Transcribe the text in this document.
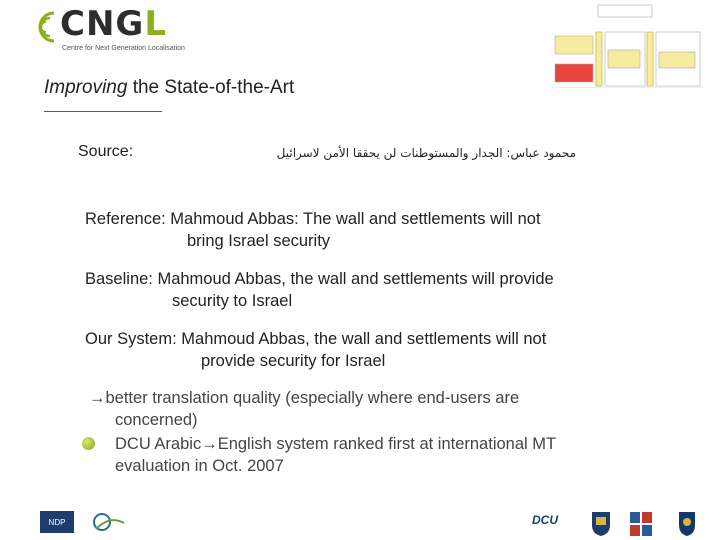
CNGL
Centre for Next Generation Localisation
Improving the State-of-the-Art
Source:	محمود عباس: الجدار والمستوطنات لن يحققا الأمن لاسرائيل
Reference: Mahmoud Abbas: The wall and settlements will not
bring Israel security
Baseline: Mahmoud Abbas, the wall and settlements will provide
security to Israel
Our System: Mahmoud Abbas, the wall and settlements will not
provide security for Israel
→better translation quality (especially where end-users are
concerned)
DCU Arabic→English system ranked first at international MT
evaluation in Oct. 2007
NDP	DCU
